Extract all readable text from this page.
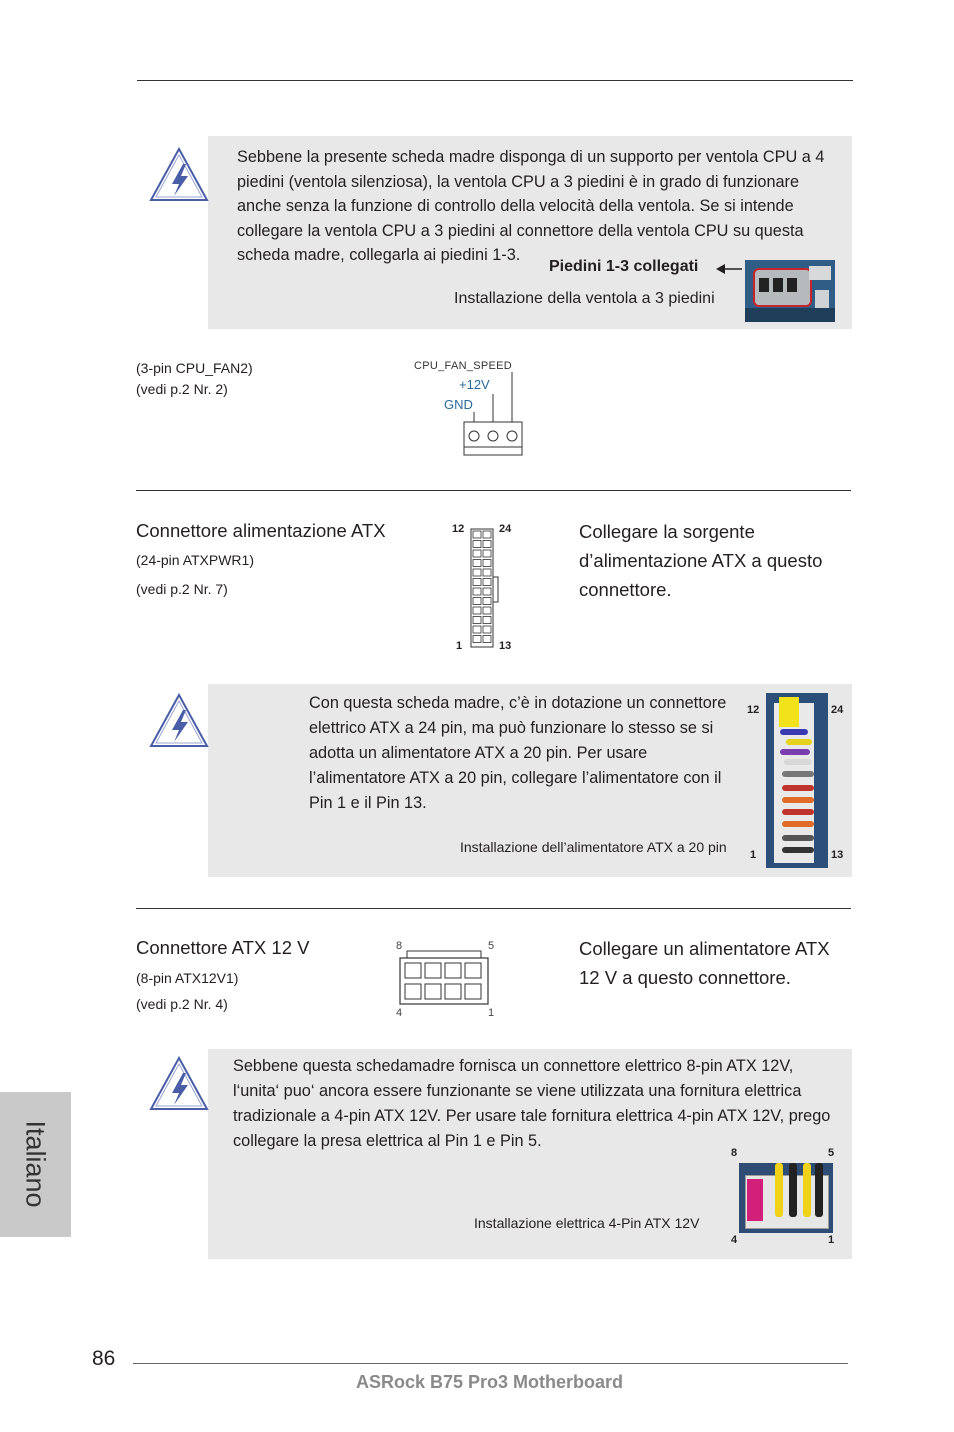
Sebbene la presente scheda madre disponga di un supporto per ventola CPU a 4 piedini (ventola silenziosa), la ventola CPU a 3 piedini è in grado di funzionare anche senza la funzione di controllo della velocità della ventola. Se si intende collegare la ventola CPU a 3 piedini al connettore della ventola CPU su questa scheda madre, collegarla ai piedini 1-3.
Piedini 1-3 collegati
Installazione della ventola a 3 piedini
(3-pin CPU_FAN2)
(vedi p.2 Nr. 2)
CPU_FAN_SPEED
+12V
GND
Connettore alimentazione ATX
(24-pin ATXPWR1)
(vedi p.2 Nr. 7)
12	24
1	13
Collegare la sorgente d’alimentazione ATX a questo connettore.
Con questa scheda madre, c’è in dotazione un connettore elettrico ATX a 24 pin, ma può funzionare lo stesso se si adotta un alimentatore ATX a 20 pin. Per usare l’alimentatore ATX a 20 pin, collegare l’alimentatore con il Pin 1 e il Pin 13.
Installazione dell’alimentatore ATX a 20 pin
12	24
1	13
Connettore ATX 12 V
(8-pin ATX12V1)
(vedi p.2 Nr. 4)
8	5
4	1
Collegare un alimentatore ATX 12 V a questo connettore.
Sebbene questa schedamadre fornisca un connettore elettrico 8-pin ATX 12V, l‘unita‘ puo‘ ancora essere funzionante se viene utilizzata una fornitura elettrica tradizionale a 4-pin ATX 12V. Per usare tale fornitura elettrica 4-pin ATX 12V, prego collegare la presa elettrica al Pin 1 e Pin 5.
Installazione elettrica 4-Pin ATX 12V
8	5
4	1
Italiano
86
ASRock B75 Pro3 Motherboard
